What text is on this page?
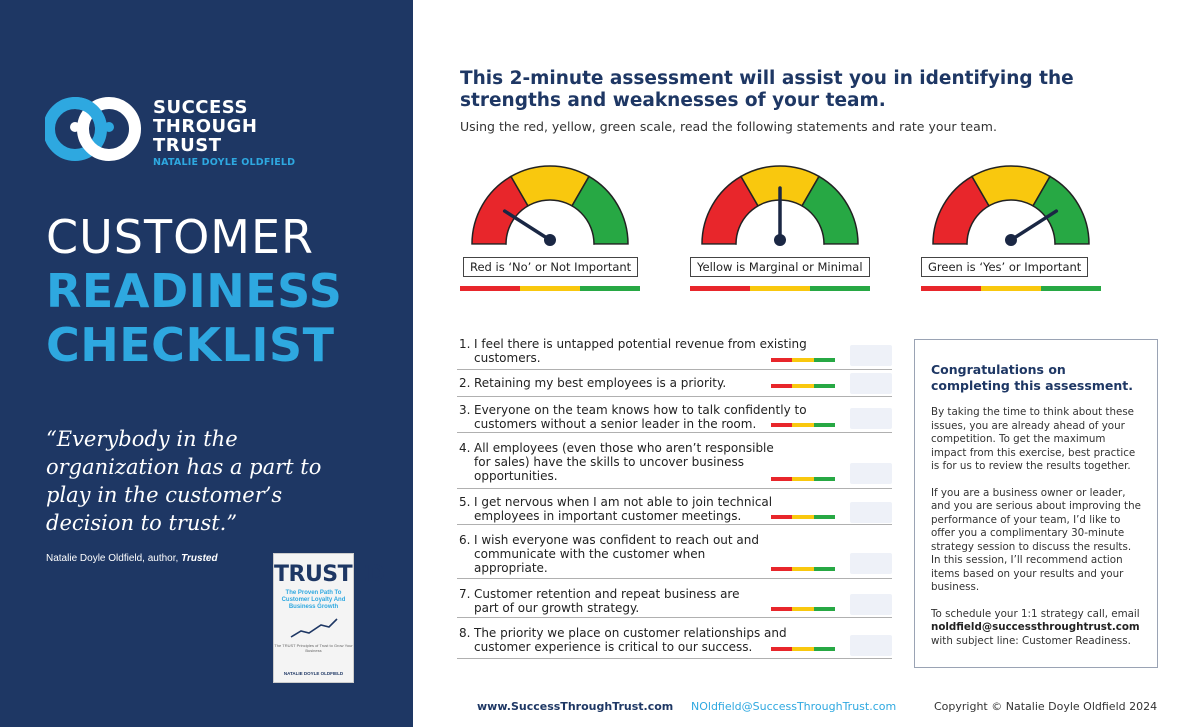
SUCCESS
THROUGH
TRUST
NATALIE DOYLE OLDFIELD
CUSTOMER
READINESS
CHECKLIST
“Everybody in the organization has a part to play in the customer’s decision to trust.”
Natalie Doyle Oldfield, author, Trusted
TRUSTED
The Proven Path To Customer Loyalty And Business Growth
The TRUST Principles of Trust to Grow Your Business
NATALIE DOYLE OLDFIELD
This 2-minute assessment will assist you in identifying the strengths and weaknesses of your team.
Using the red, yellow, green scale, read the following statements and rate your team.
Red is ‘No’ or Not Important	Yellow is Marginal or Minimal	Green is ‘Yes’ or Important
1. I feel there is untapped potential revenue from existing customers.
2. Retaining my best employees is a priority.
3. Everyone on the team knows how to talk confidently to customers without a senior leader in the room.
4. All employees (even those who aren’t responsible for sales) have the skills to uncover business opportunities.
5. I get nervous when I am not able to join technical employees in important customer meetings.
6. I wish everyone was confident to reach out and communicate with the customer when appropriate.
7. Customer retention and repeat business are part of our growth strategy.
8. The priority we place on customer relationships and customer experience is critical to our success.
Congratulations on completing this assessment.

By taking the time to think about these issues, you are already ahead of your competition. To get the maximum impact from this exercise, best practice is for us to review the results together.

If you are a business owner or leader, and you are serious about improving the performance of your team, I’d like to offer you a complimentary 30-minute strategy session to discuss the results. In this session, I’ll recommend action items based on your results and your business.

To schedule your 1:1 strategy call, email
noldfield@successthroughtrust.com
with subject line: Customer Readiness.

www.SuccessThroughTrust.com NOldfield@SuccessThroughTrust.com	Copyright © Natalie Doyle Oldfield 2024
